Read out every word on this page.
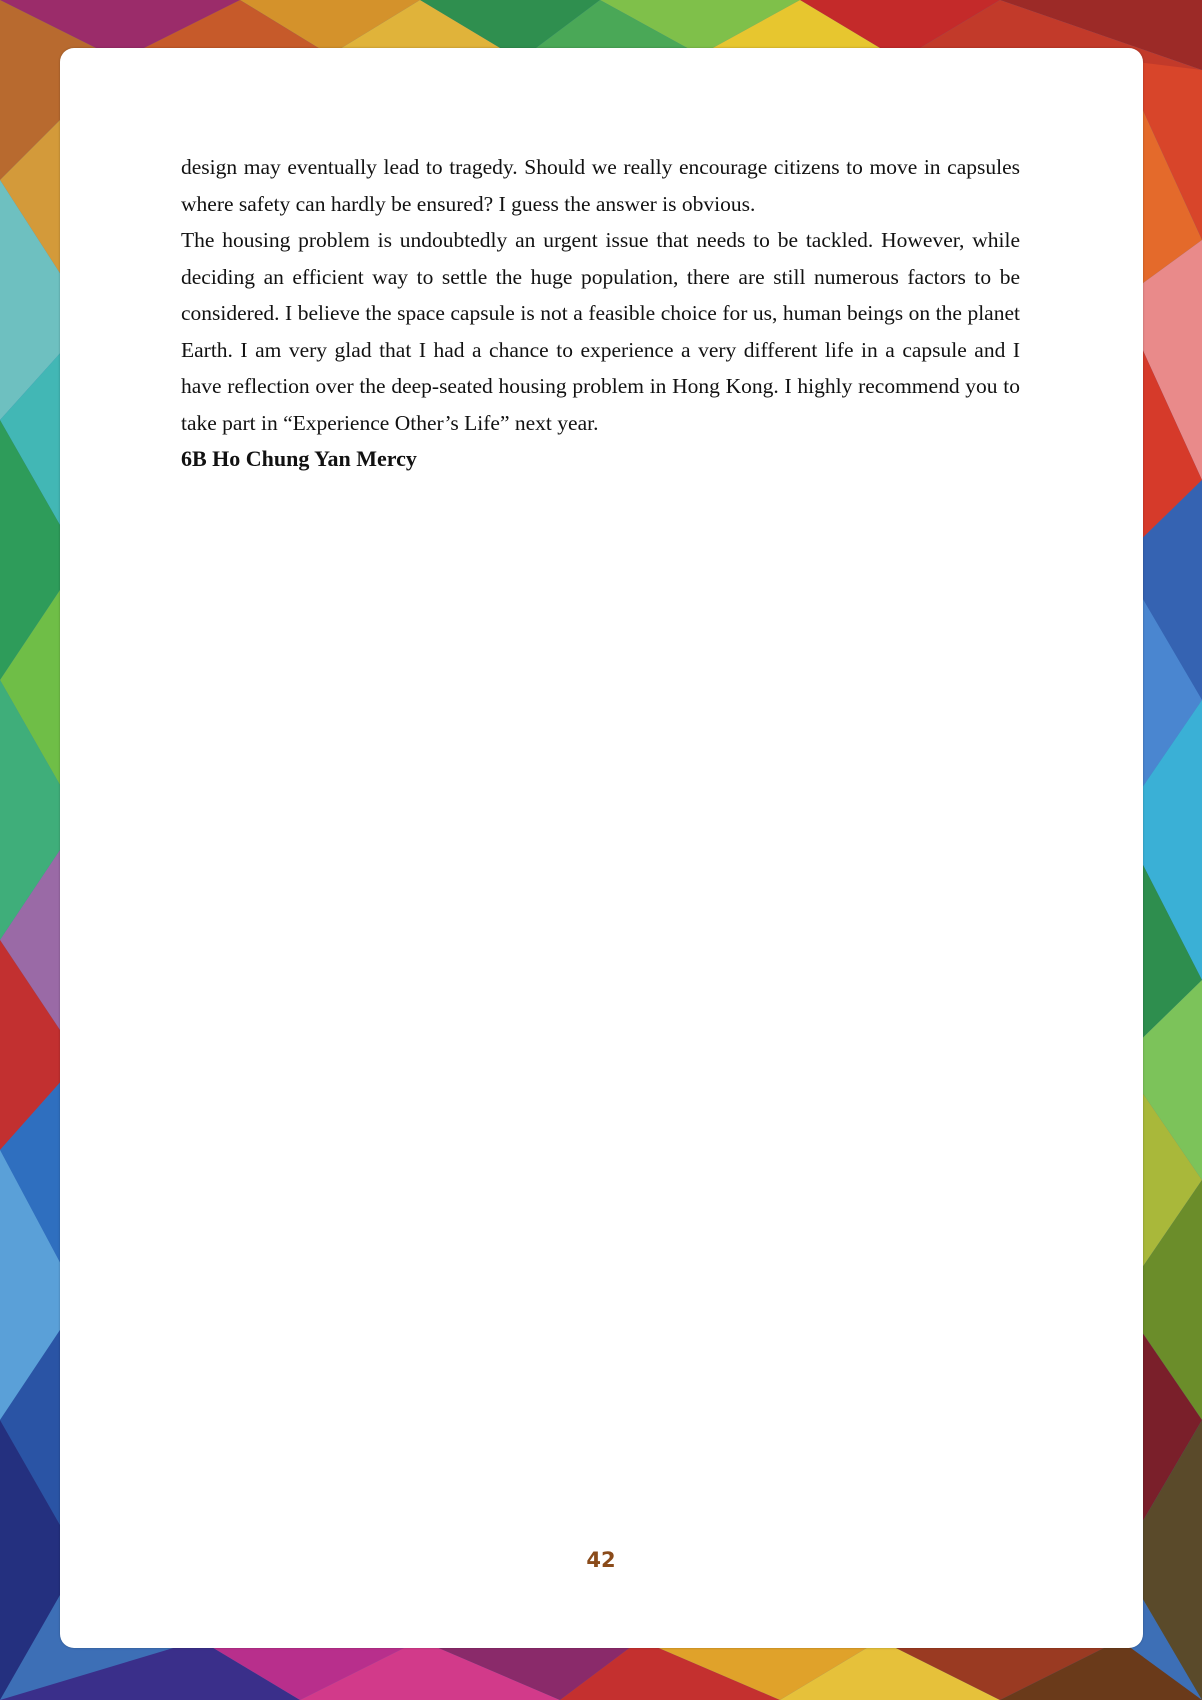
design may eventually lead to tragedy. Should we really encourage citizens to move in capsules where safety can hardly be ensured? I guess the answer is obvious.

The housing problem is undoubtedly an urgent issue that needs to be tackled. However, while deciding an efficient way to settle the huge population, there are still numerous factors to be considered. I believe the space capsule is not a feasible choice for us, human beings on the planet Earth. I am very glad that I had a chance to experience a very different life in a capsule and I have reflection over the deep-seated housing problem in Hong Kong. I highly recommend you to take part in “Experience Other’s Life” next year.

6B Ho Chung Yan Mercy

42
